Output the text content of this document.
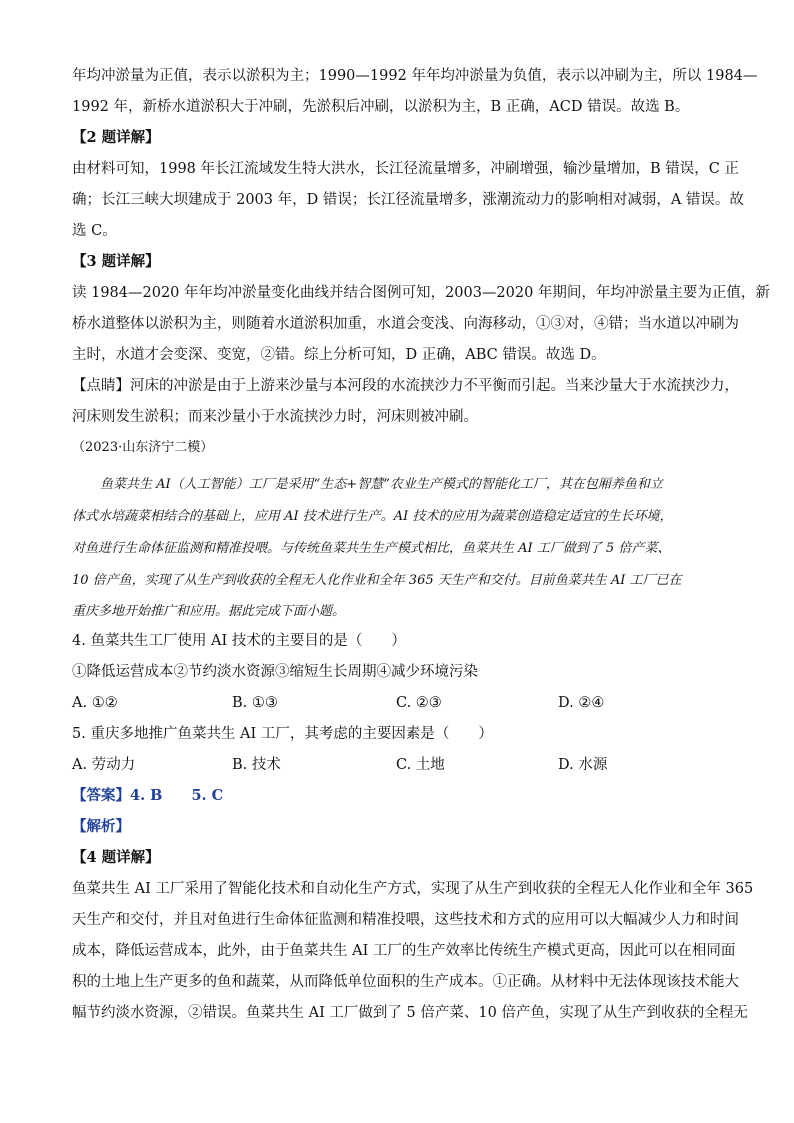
年均冲淤量为正值，表示以淤积为主；1990—1992 年年均冲淤量为负值，表示以冲刷为主，所以 1984—
1992 年，新桥水道淤积大于冲刷，先淤积后冲刷，以淤积为主，B 正确，ACD 错误。故选 B。
【2 题详解】
由材料可知，1998 年长江流域发生特大洪水，长江径流量增多，冲刷增强，输沙量增加，B 错误，C 正
确；长江三峡大坝建成于 2003 年，D 错误；长江径流量增多，涨潮流动力的影响相对减弱，A 错误。故
选 C。
【3 题详解】
读 1984—2020 年年均冲淤量变化曲线并结合图例可知，2003—2020 年期间，年均冲淤量主要为正值，新
桥水道整体以淤积为主，则随着水道淤积加重，水道会变浅、向海移动，①③对，④错；当水道以冲刷为
主时，水道才会变深、变宽，②错。综上分析可知，D 正确，ABC 错误。故选 D。
【点睛】河床的冲淤是由于上游来沙量与本河段的水流挟沙力不平衡而引起。当来沙量大于水流挟沙力，
河床则发生淤积；而来沙量小于水流挟沙力时，河床则被冲刷。
（2023·山东济宁二模）
鱼菜共生 AI（人工智能）工厂是采用“生态+智慧”农业生产模式的智能化工厂，其在包厢养鱼和立
体式水培蔬菜相结合的基础上，应用 AI 技术进行生产。AI 技术的应用为蔬菜创造稳定适宜的生长环境，
对鱼进行生命体征监测和精准投喂。与传统鱼菜共生生产模式相比，鱼菜共生 AI 工厂做到了 5 倍产菜、
10 倍产鱼，实现了从生产到收获的全程无人化作业和全年 365 天生产和交付。目前鱼菜共生 AI 工厂已在
重庆多地开始推广和应用。据此完成下面小题。
4. 鱼菜共生工厂使用 AI 技术的主要目的是（　　）
①降低运营成本②节约淡水资源③缩短生长周期④减少环境污染
A. ①②	B. ①③	C. ②③	D. ②④
5. 重庆多地推广鱼菜共生 AI 工厂，其考虑的主要因素是（　　）
A. 劳动力	B. 技术	C. 土地	D. 水源
【答案】4. B　　5. C
【解析】
【4 题详解】
鱼菜共生 AI 工厂采用了智能化技术和自动化生产方式，实现了从生产到收获的全程无人化作业和全年 365
天生产和交付，并且对鱼进行生命体征监测和精准投喂，这些技术和方式的应用可以大幅减少人力和时间
成本，降低运营成本，此外，由于鱼菜共生 AI 工厂的生产效率比传统生产模式更高，因此可以在相同面
积的土地上生产更多的鱼和蔬菜，从而降低单位面积的生产成本。①正确。从材料中无法体现该技术能大
幅节约淡水资源，②错误。鱼菜共生 AI 工厂做到了 5 倍产菜、10 倍产鱼，实现了从生产到收获的全程无
